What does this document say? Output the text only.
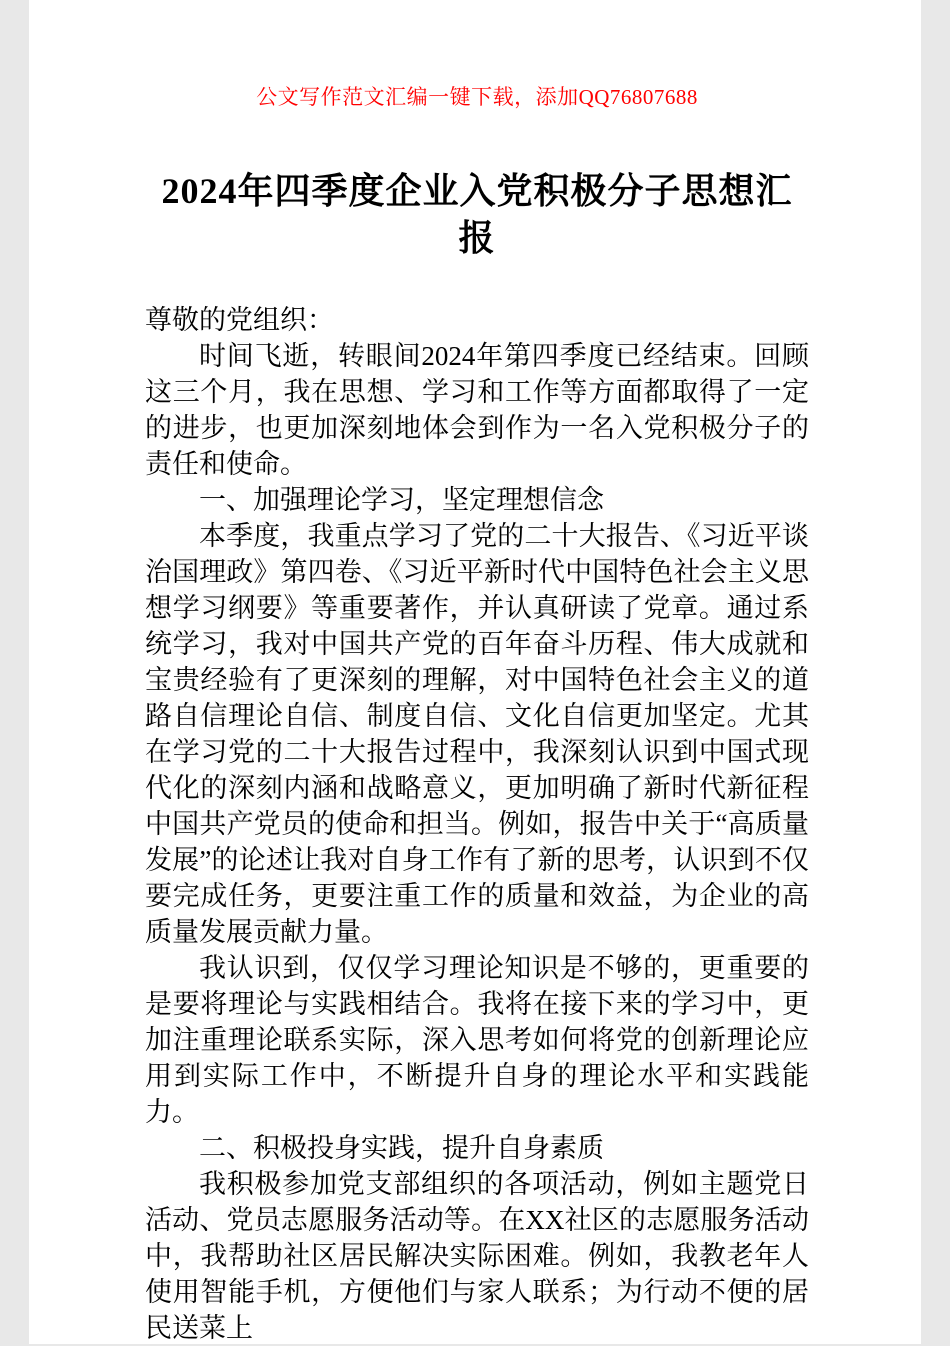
公文写作范文汇编一键下载，添加QQ76807688

2024年四季度企业入党积极分子思想汇报

尊敬的党组织：

时间飞逝，转眼间2024年第四季度已经结束。回顾这三个月，我在思想、学习和工作等方面都取得了一定的进步，也更加深刻地体会到作为一名入党积极分子的责任和使命。

一、加强理论学习，坚定理想信念

本季度，我重点学习了党的二十大报告、《习近平谈治国理政》第四卷、《习近平新时代中国特色社会主义思想学习纲要》等重要著作，并认真研读了党章。通过系统学习，我对中国共产党的百年奋斗历程、伟大成就和宝贵经验有了更深刻的理解，对中国特色社会主义的道路自信理论自信、制度自信、文化自信更加坚定。尤其在学习党的二十大报告过程中，我深刻认识到中国式现代化的深刻内涵和战略意义，更加明确了新时代新征程中国共产党员的使命和担当。例如，报告中关于“高质量发展”的论述让我对自身工作有了新的思考，认识到不仅要完成任务，更要注重工作的质量和效益，为企业的高质量发展贡献力量。

我认识到，仅仅学习理论知识是不够的，更重要的是要将理论与实践相结合。我将在接下来的学习中，更加注重理论联系实际，深入思考如何将党的创新理论应用到实际工作中，不断提升自身的理论水平和实践能力。

二、积极投身实践，提升自身素质

我积极参加党支部组织的各项活动，例如主题党日活动、党员志愿服务活动等。在XX社区的志愿服务活动中，我帮助社区居民解决实际困难。例如，我教老年人使用智能手机，方便他们与家人联系；为行动不便的居民送菜上
